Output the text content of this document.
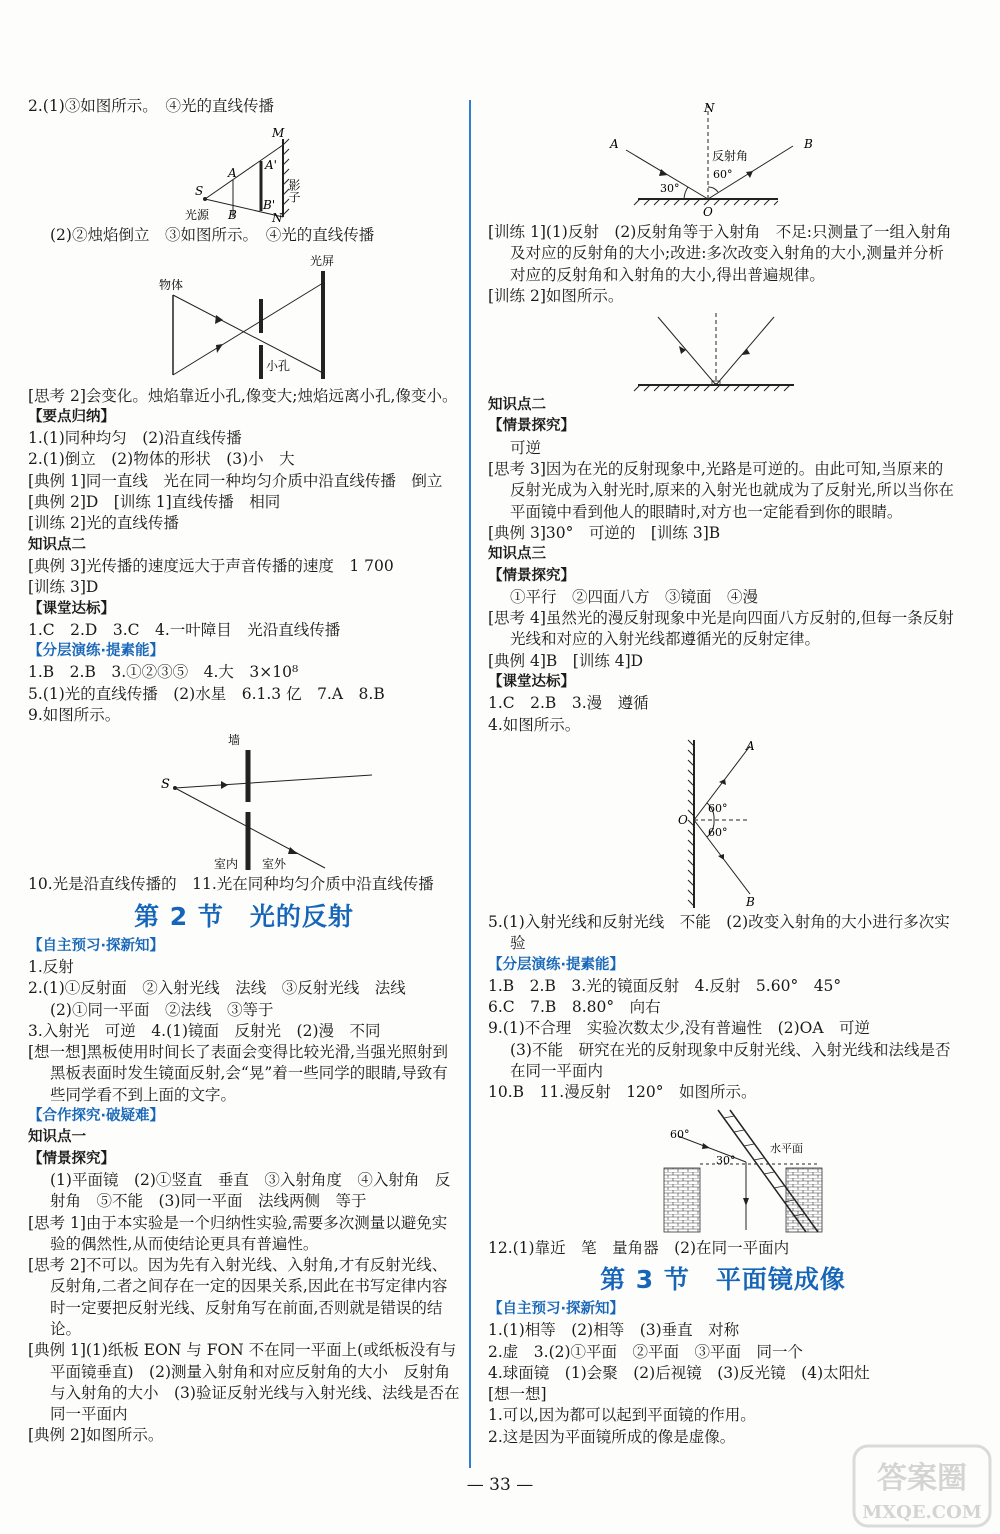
2.(1)③如图所示。　④光的直线传播
M
A
A'
S
B
B'
N
光源
影子
(2)②烛焰倒立　③如图所示。　④光的直线传播
光屏
物体
小孔
[思考 2]会变化。烛焰靠近小孔,像变大;烛焰远离小孔,像变小。
【要点归纳】
1.(1)同种均匀　(2)沿直线传播
2.(1)倒立　(2)物体的形状　(3)小　大
[典例 1]同一直线　光在同一种均匀介质中沿直线传播　倒立
[典例 2]D　[训练 1]直线传播　相同
[训练 2]光的直线传播
知识点二
[典例 3]光传播的速度远大于声音传播的速度　1 700
[训练 3]D
【课堂达标】
1.C　2.D　3.C　4.一叶障目　光沿直线传播
【分层演练·提素能】
1.B　2.B　3.①②③⑤　4.大　3×10⁸
5.(1)光的直线传播　(2)水星　6.1.3 亿　7.A　8.B
9.如图所示。
墙
S
室内 室外
10.光是沿直线传播的　11.光在同种均匀介质中沿直线传播
第 2 节　光的反射
【自主预习·探新知】
1.反射
2.(1)①反射面　②入射光线　法线　③反射光线　法线
(2)①同一平面　②法线　③等于
3.入射光　可逆　4.(1)镜面　反射光　(2)漫　不同
[想一想]黑板使用时间长了表面会变得比较光滑,当强光照射到黑板表面时发生镜面反射,会“晃”着一些同学的眼睛,导致有些同学看不到上面的文字。
【合作探究·破疑难】
知识点一
【情景探究】
(1)平面镜　(2)①竖直　垂直　③入射角度　④入射角　反射角　⑤不能　(3)同一平面　法线两侧　等于
[思考 1]由于本实验是一个归纳性实验,需要多次测量以避免实验的偶然性,从而使结论更具有普遍性。
[思考 2]不可以。因为先有入射光线、入射角,才有反射光线、反射角,二者之间存在一定的因果关系,因此在书写定律内容时一定要把反射光线、反射角写在前面,否则就是错误的结论。
[典例 1](1)纸板 EON 与 FON 不在同一平面上(或纸板没有与平面镜垂直)　(2)测量入射角和对应反射角的大小　反射角与入射角的大小　(3)验证反射光线与入射光线、法线是否在同一平面内
[典例 2]如图所示。
N
A	B
O
反射角
60°
30°
[训练 1](1)反射　(2)反射角等于入射角　不足:只测量了一组入射角及对应的反射角的大小;改进:多次改变入射角的大小,测量并分析对应的反射角和入射角的大小,得出普遍规律。
[训练 2]如图所示。
知识点二
【情景探究】
可逆
[思考 3]因为在光的反射现象中,光路是可逆的。由此可知,当原来的反射光成为入射光时,原来的入射光也就成为了反射光,所以当你在平面镜中看到他人的眼睛时,对方也一定能看到你的眼睛。
[典例 3]30°　可逆的　[训练 3]B
知识点三
【情景探究】
①平行　②四面八方　③镜面　④漫
[思考 4]虽然光的漫反射现象中光是向四面八方反射的,但每一条反射光线和对应的入射光线都遵循光的反射定律。
[典例 4]B　[训练 4]D
【课堂达标】
1.C　2.B　3.漫　遵循
4.如图所示。
A
O
B
60°
60°
5.(1)入射光线和反射光线　不能　(2)改变入射角的大小进行多次实验
【分层演练·提素能】
1.B　2.B　3.光的镜面反射　4.反射　5.60°　45°
6.C　7.B　8.80°　向右
9.(1)不合理　实验次数太少,没有普遍性　(2)OA　可逆
(3)不能　研究在光的反射现象中反射光线、入射光线和法线是否在同一平面内
10.B　11.漫反射　120°　如图所示。
60°
30°
水平面
12.(1)靠近　笔　量角器　(2)在同一平面内
第 3 节　平面镜成像
【自主预习·探新知】
1.(1)相等　(2)相等　(3)垂直　对称
2.虚　3.(2)①平面　②平面　③平面　同一个
4.球面镜　(1)会聚　(2)后视镜　(3)反光镜　(4)太阳灶
[想一想]
1.可以,因为都可以起到平面镜的作用。
2.这是因为平面镜所成的像是虚像。
— 33 —	答案圈
MXQE.COM
